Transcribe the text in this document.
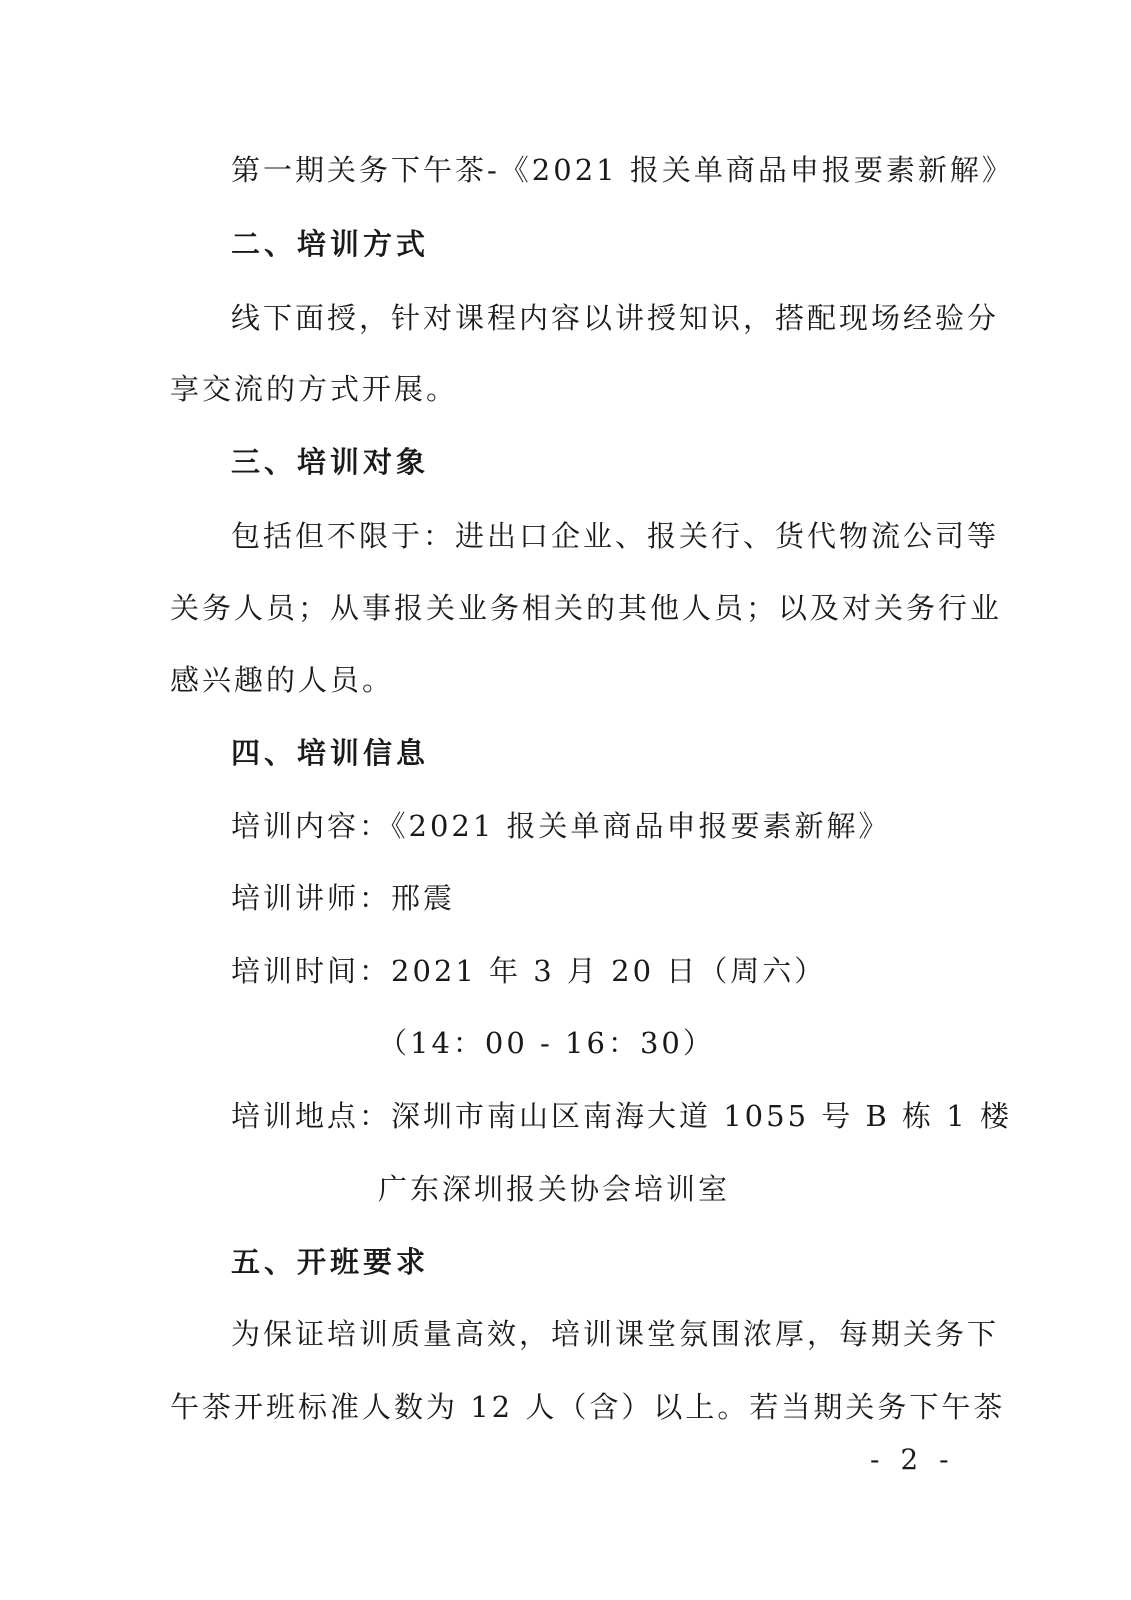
第一期关务下午茶-《2021 报关单商品申报要素新解》
二、培训方式
线下面授，针对课程内容以讲授知识，搭配现场经验分
享交流的方式开展。
三、培训对象
包括但不限于：进出口企业、报关行、货代物流公司等
关务人员；从事报关业务相关的其他人员；以及对关务行业
感兴趣的人员。
四、培训信息
培训内容：《2021 报关单商品申报要素新解》
培训讲师：邢震
培训时间：2021 年 3 月 20 日（周六）
（14：00 - 16：30）
培训地点：深圳市南山区南海大道 1055 号 B 栋 1 楼
广东深圳报关协会培训室
五、开班要求
为保证培训质量高效，培训课堂氛围浓厚，每期关务下
午茶开班标准人数为 12 人（含）以上。若当期关务下午茶
- 2 -
